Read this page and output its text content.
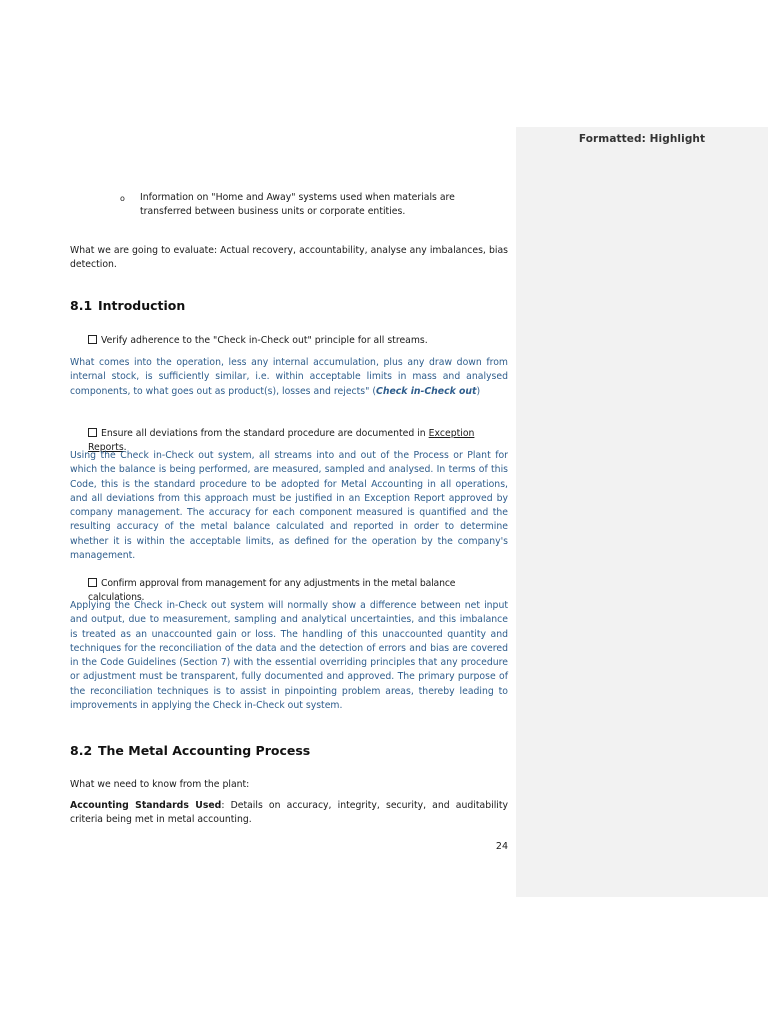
Formatted: Highlight
o Information on "Home and Away" systems used when materials are transferred between business units or corporate entities.

What we are going to evaluate: Actual recovery, accountability, analyse any imbalances, bias detection.

8.1 Introduction

Verify adherence to the "Check in-Check out" principle for all streams.

What comes into the operation, less any internal accumulation, plus any draw down from internal stock, is sufficiently similar, i.e. within acceptable limits in mass and analysed components, to what goes out as product(s), losses and rejects" (Check in-Check out)

Ensure all deviations from the standard procedure are documented in Exception Reports.

Using the Check in-Check out system, all streams into and out of the Process or Plant for which the balance is being performed, are measured, sampled and analysed. In terms of this Code, this is the standard procedure to be adopted for Metal Accounting in all operations, and all deviations from this approach must be justified in an Exception Report approved by company management. The accuracy for each component measured is quantified and the resulting accuracy of the metal balance calculated and reported in order to determine whether it is within the acceptable limits, as defined for the operation by the company's management.

Confirm approval from management for any adjustments in the metal balance calculations.

Applying the Check in-Check out system will normally show a difference between net input and output, due to measurement, sampling and analytical uncertainties, and this imbalance is treated as an unaccounted gain or loss. The handling of this unaccounted quantity and techniques for the reconciliation of the data and the detection of errors and bias are covered in the Code Guidelines (Section 7) with the essential overriding principles that any procedure or adjustment must be transparent, fully documented and approved. The primary purpose of the reconciliation techniques is to assist in pinpointing problem areas, thereby leading to improvements in applying the Check in-Check out system.

8.2 The Metal Accounting Process

What we need to know from the plant:

Accounting Standards Used: Details on accuracy, integrity, security, and auditability criteria being met in metal accounting.

24
